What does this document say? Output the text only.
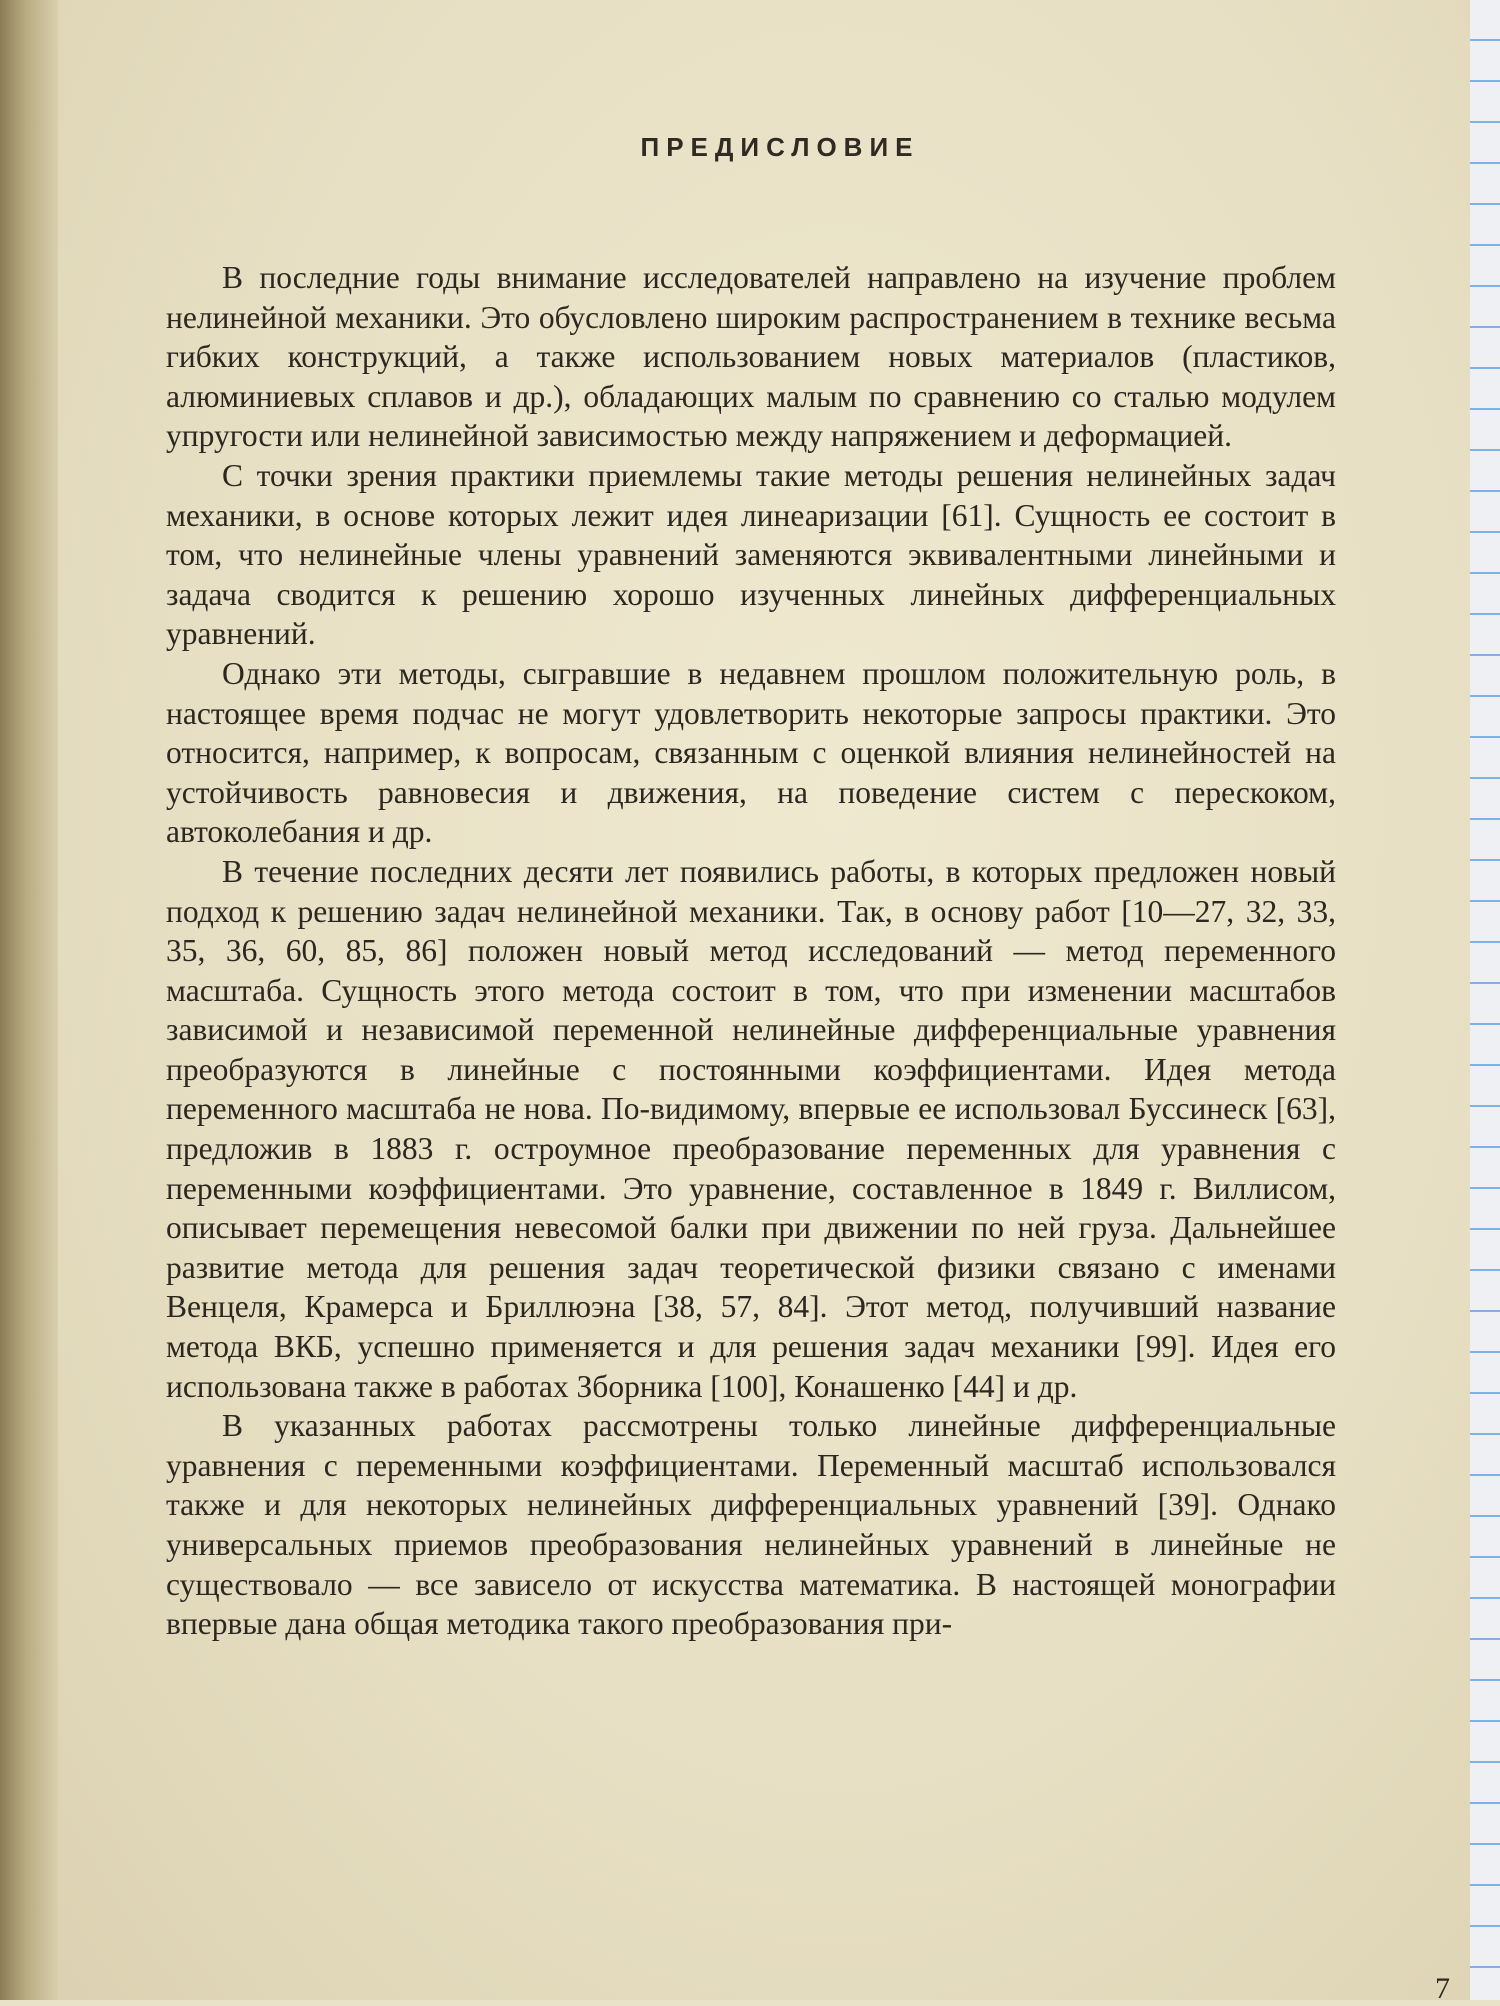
ПРЕДИСЛОВИЕ

В последние годы внимание исследователей направлено на изучение проблем нелинейной механики. Это обусловлено широким распространением в технике весьма гибких конструкций, а также использованием новых материалов (пластиков, алюминиевых сплавов и др.), обладающих малым по сравнению со сталью модулем упругости или нелинейной зависимостью между напряжением и деформацией.

С точки зрения практики приемлемы такие методы решения нелинейных задач механики, в основе которых лежит идея линеаризации [61]. Сущность ее состоит в том, что нелинейные члены уравнений заменяются эквивалентными линейными и задача сводится к решению хорошо изученных линейных дифференциальных уравнений.

Однако эти методы, сыгравшие в недавнем прошлом положительную роль, в настоящее время подчас не могут удовлетворить некоторые запросы практики. Это относится, например, к вопросам, связанным с оценкой влияния нелинейностей на устойчивость равновесия и движения, на поведение систем с перескоком, автоколебания и др.

В течение последних десяти лет появились работы, в которых предложен новый подход к решению задач нелинейной механики. Так, в основу работ [10—27, 32, 33, 35, 36, 60, 85, 86] положен новый метод исследований — метод переменного масштаба. Сущность этого метода состоит в том, что при изменении масштабов зависимой и независимой переменной нелинейные дифференциальные уравнения преобразуются в линейные с постоянными коэффициентами. Идея метода переменного масштаба не нова. По-видимому, впервые ее использовал Буссинеск [63], предложив в 1883 г. остроумное преобразование переменных для уравнения с переменными коэффициентами. Это уравнение, составленное в 1849 г. Виллисом, описывает перемещения невесомой балки при движении по ней груза. Дальнейшее развитие метода для решения задач теоретической физики связано с именами Венцеля, Крамерса и Бриллюэна [38, 57, 84]. Этот метод, получивший название метода ВКБ, успешно применяется и для решения задач механики [99]. Идея его использована также в работах Зборника [100], Конашенко [44] и др.

В указанных работах рассмотрены только линейные дифференциальные уравнения с переменными коэффициентами. Переменный масштаб использовался также и для некоторых нелинейных дифференциальных уравнений [39]. Однако универсальных приемов преобразования нелинейных уравнений в линейные не существовало — все зависело от искусства математика. В настоящей монографии впервые дана общая методика такого преобразования при-

7
